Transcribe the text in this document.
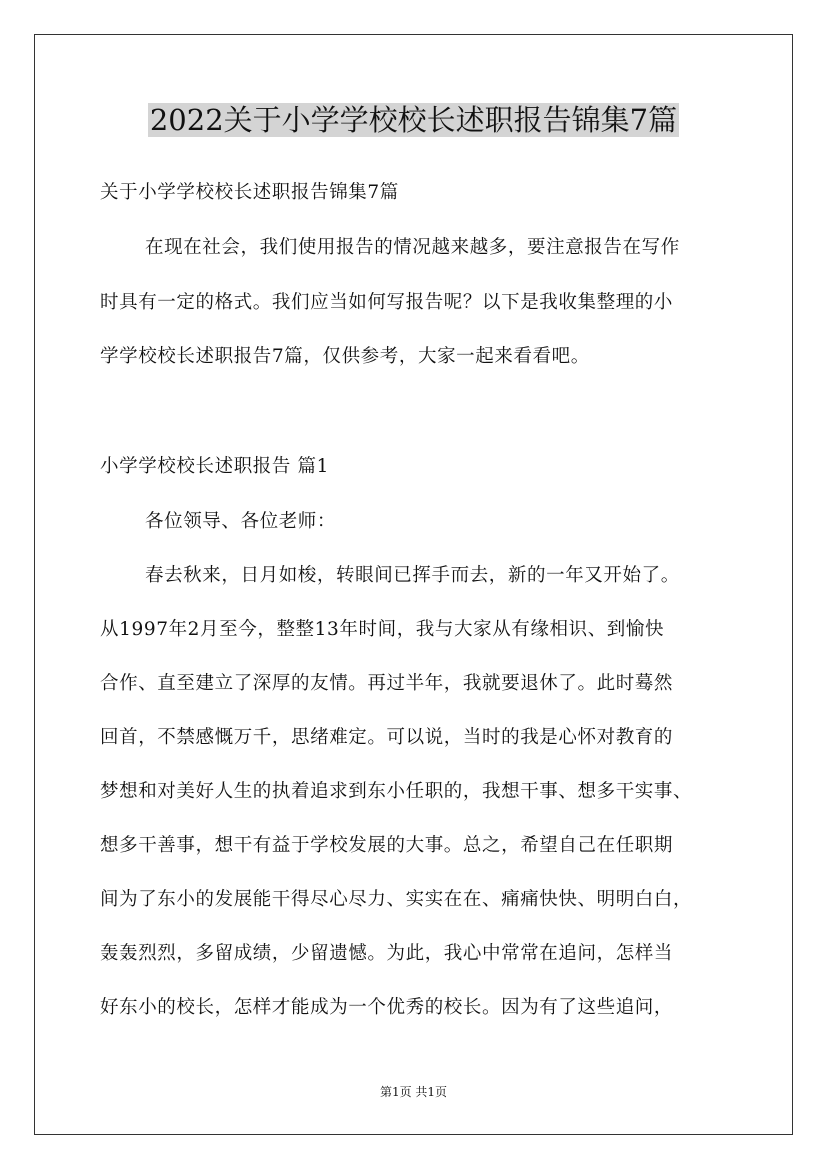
2022关于小学学校校长述职报告锦集7篇
关于小学学校校长述职报告锦集7篇
在现在社会，我们使用报告的情况越来越多，要注意报告在写作
时具有一定的格式。我们应当如何写报告呢？以下是我收集整理的小
学学校校长述职报告7篇，仅供参考，大家一起来看看吧。
小学学校校长述职报告 篇1
各位领导、各位老师：
春去秋来，日月如梭，转眼间已挥手而去，新的一年又开始了。
从1997年2月至今，整整13年时间，我与大家从有缘相识、到愉快
合作、直至建立了深厚的友情。再过半年，我就要退休了。此时蓦然
回首，不禁感慨万千，思绪难定。可以说，当时的我是心怀对教育的
梦想和对美好人生的执着追求到东小任职的，我想干事、想多干实事、
想多干善事，想干有益于学校发展的大事。总之，希望自己在任职期
间为了东小的发展能干得尽心尽力、实实在在、痛痛快快、明明白白，
轰轰烈烈，多留成绩，少留遗憾。为此，我心中常常在追问，怎样当
好东小的校长，怎样才能成为一个优秀的校长。因为有了这些追问，
第1页 共1页
